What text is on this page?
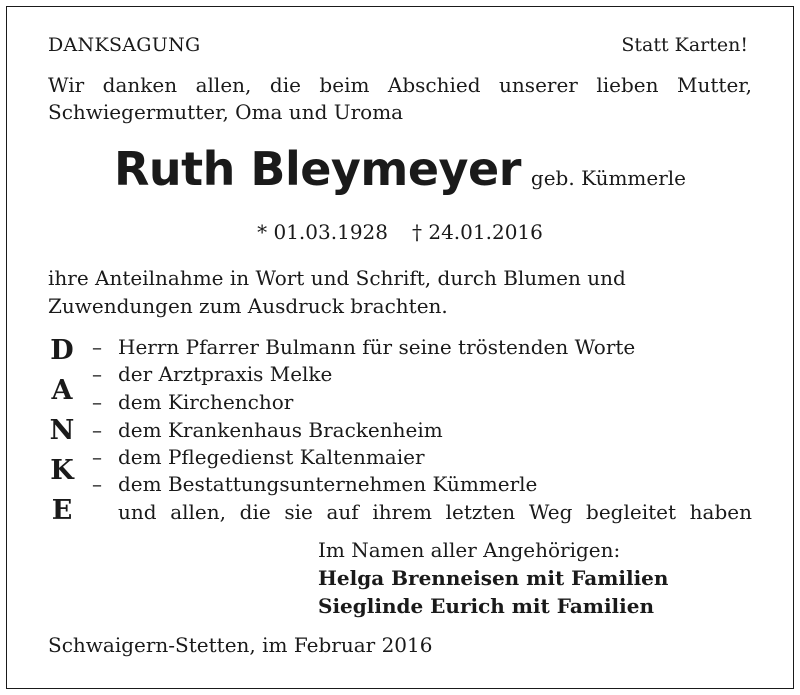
DANKSAGUNG	Statt Karten!
Wir danken allen, die beim Abschied unserer lieben Mutter,
Schwiegermutter, Oma und Uroma
Ruth Bleymeyer geb. Kümmerle
* 01.03.1928 † 24.01.2016
ihre Anteilnahme in Wort und Schrift, durch Blumen und
Zuwendungen zum Ausdruck brachten.
D
A
N
K
E
– Herrn Pfarrer Bulmann für seine tröstenden Worte
– der Arztpraxis Melke
– dem Kirchenchor
– dem Krankenhaus Brackenheim
– dem Pflegedienst Kaltenmaier
– dem Bestattungsunternehmen Kümmerle
und allen, die sie auf ihrem letzten Weg begleitet haben
Im Namen aller Angehörigen:
Helga Brenneisen mit Familien
Sieglinde Eurich mit Familien
Schwaigern-Stetten, im Februar 2016
